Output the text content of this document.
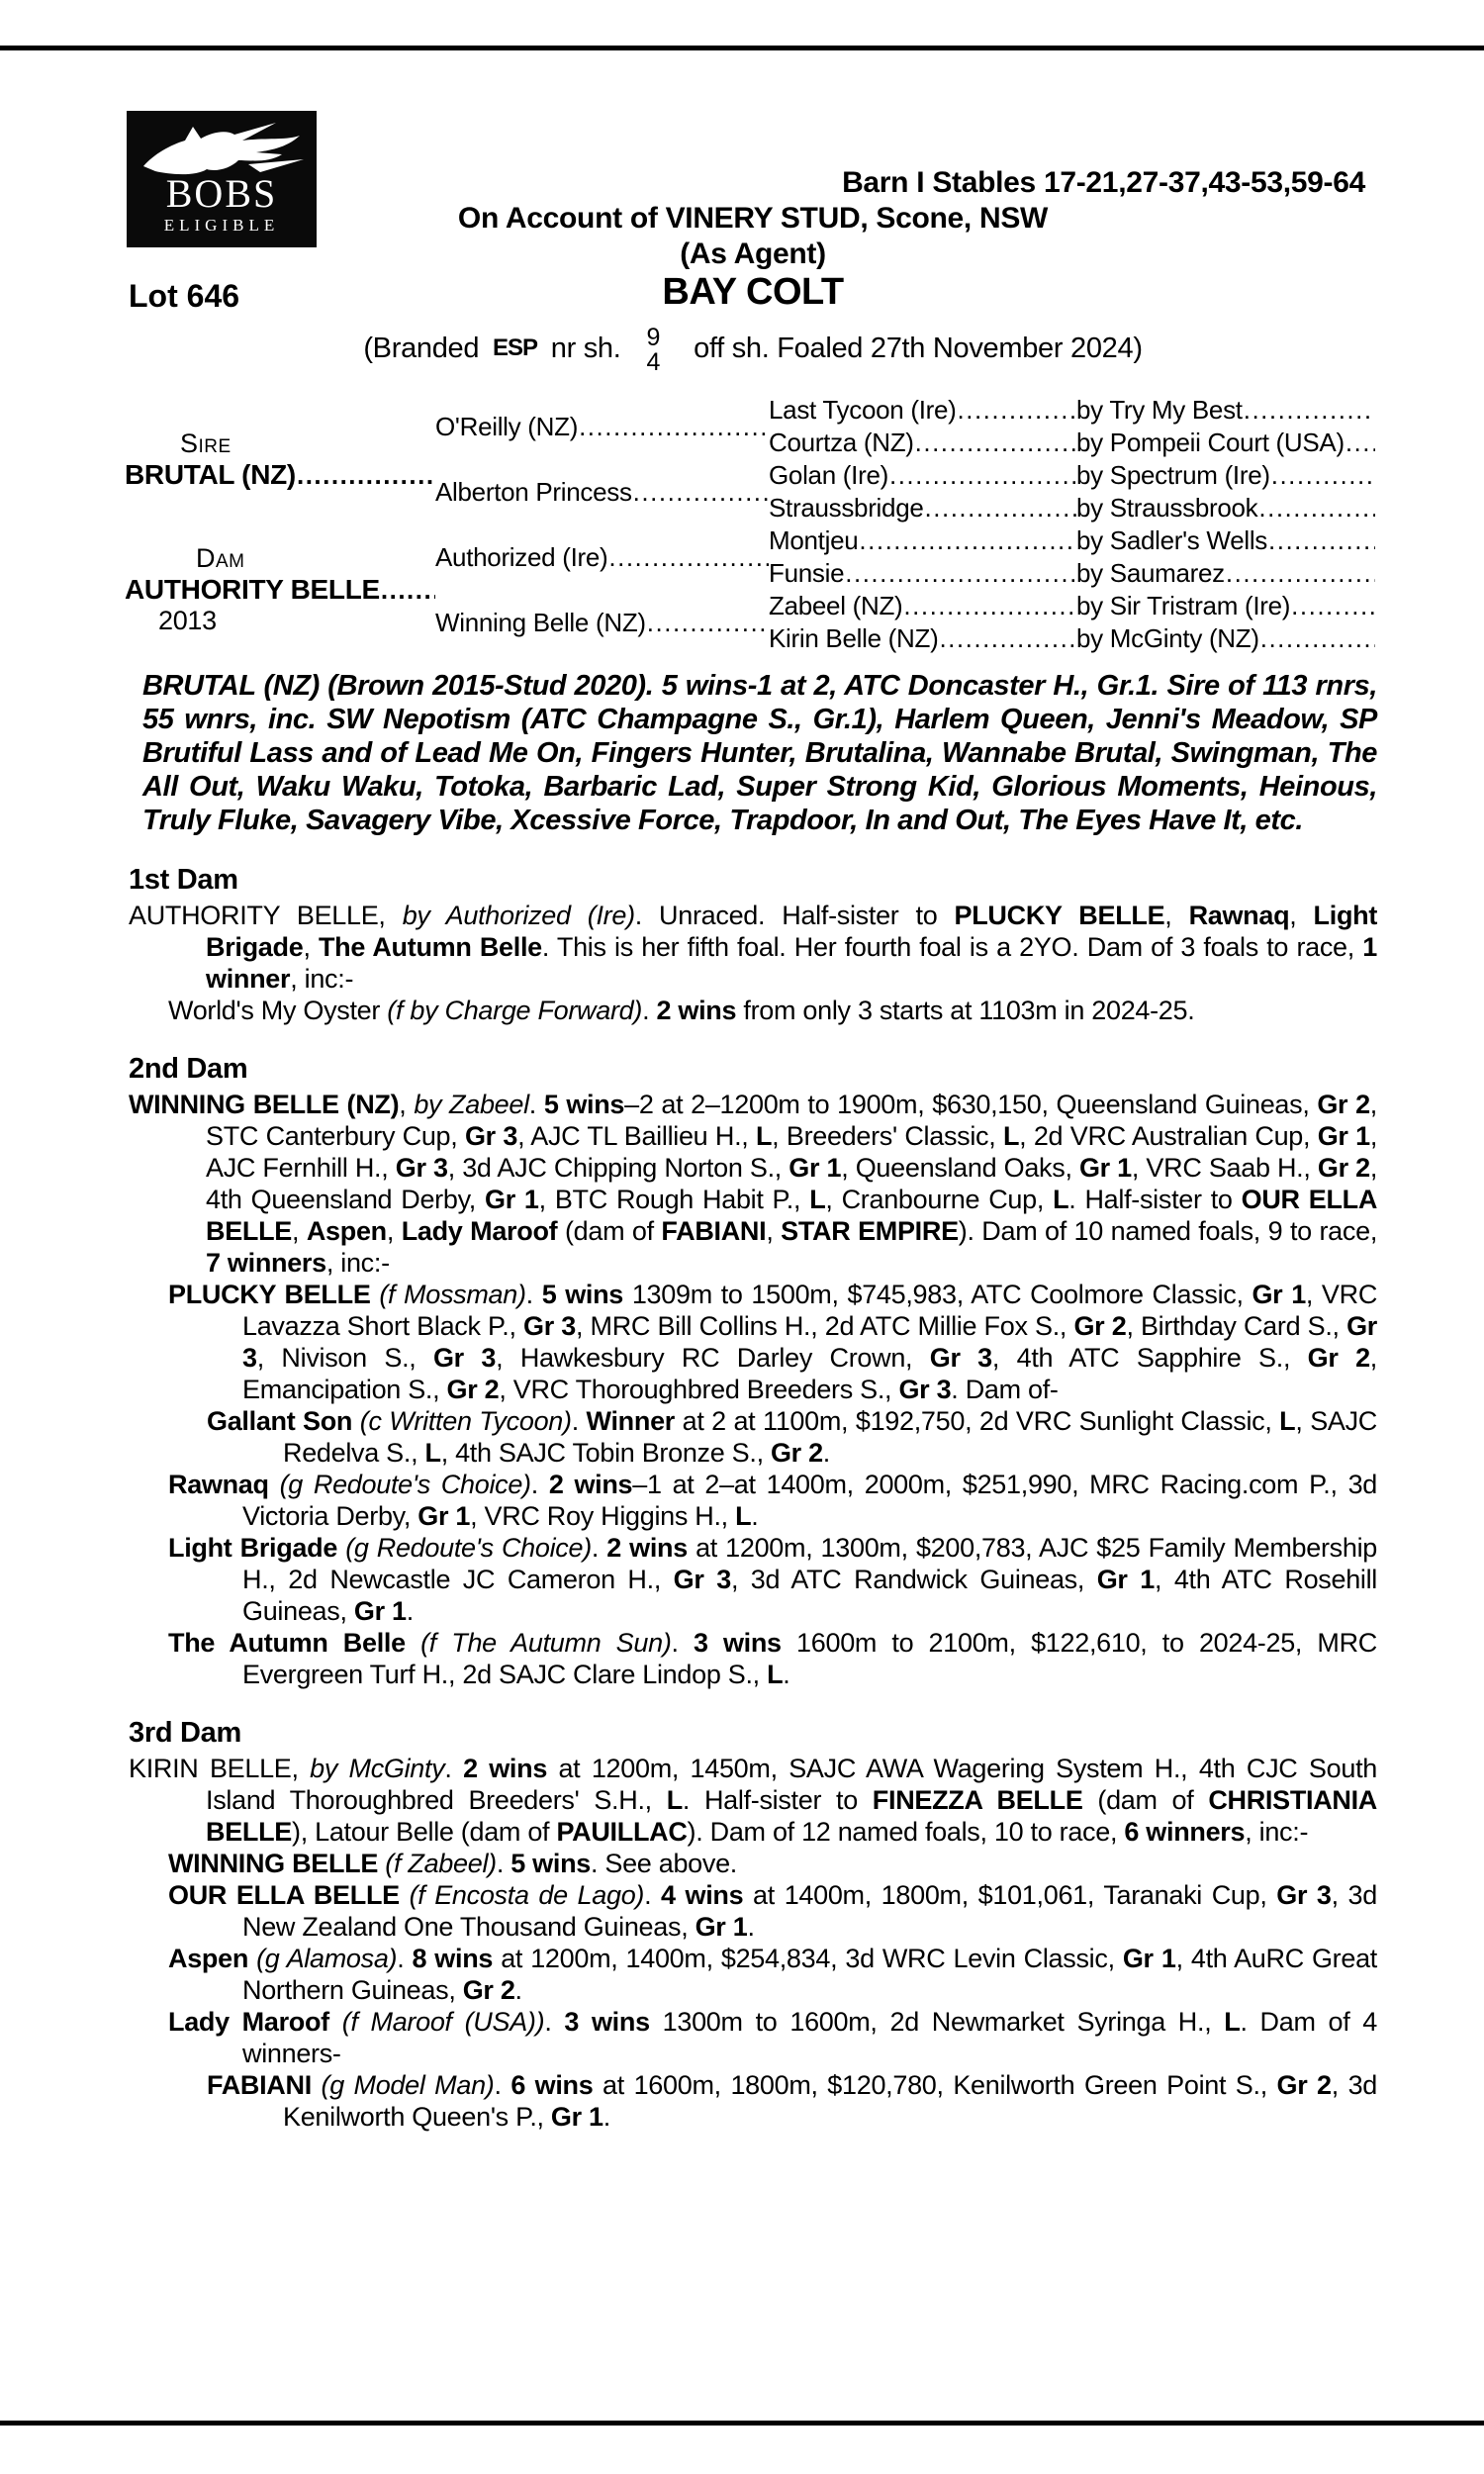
BOBS
ELIGIBLE
Barn I Stables 17-21,27-37,43-53,59-64
On Account of VINERY STUD, Scone, NSW
(As Agent)
Lot 646	BAY COLT
(Branded ESP nr sh. 9
4 off sh. Foaled 27th November 2024)
Sire
BRUTAL (NZ)
.....
Dam
AUTHORITY BELLE
.....
2013
O'Reilly (NZ)
.....
Alberton Princess
.....
Authorized (Ire)
.....
Winning Belle (NZ)
.....
Last Tycoon (Ire)
.....
Courtza (NZ)
.....
Golan (Ire)
.....
Straussbridge
.....
Montjeu
.....
Funsie
.....
Zabeel (NZ)
.....
Kirin Belle (NZ)
.....
by Try My Best
.....
by Pompeii Court (USA)
.....
by Spectrum (Ire)
.....
by Straussbrook
.....
by Sadler's Wells
.....
by Saumarez
.....
by Sir Tristram (Ire)
.....
by McGinty (NZ)
.....
BRUTAL (NZ) (Brown 2015-Stud 2020). 5 wins-1 at 2, ATC Doncaster H., Gr.1. Sire of 113 rnrs, 55 wnrs, inc. SW Nepotism (ATC Champagne S., Gr.1), Harlem Queen, Jenni's Meadow, SP Brutiful Lass and of Lead Me On, Fingers Hunter, Brutalina, Wannabe Brutal, Swingman, The All Out, Waku Waku, Totoka, Barbaric Lad, Super Strong Kid, Glorious Moments, Heinous, Truly Fluke, Savagery Vibe, Xcessive Force, Trapdoor, In and Out, The Eyes Have It, etc.
1st Dam
AUTHORITY BELLE, by Authorized (Ire). Unraced. Half-sister to PLUCKY BELLE, Rawnaq, Light Brigade, The Autumn Belle. This is her fifth foal. Her fourth foal is a 2YO. Dam of 3 foals to race, 1 winner, inc:-
World's My Oyster (f by Charge Forward). 2 wins from only 3 starts at 1103m in 2024-25.
2nd Dam
WINNING BELLE (NZ), by Zabeel. 5 wins–2 at 2–1200m to 1900m, $630,150, Queensland Guineas, Gr 2, STC Canterbury Cup, Gr 3, AJC TL Baillieu H., L, Breeders' Classic, L, 2d VRC Australian Cup, Gr 1, AJC Fernhill H., Gr 3, 3d AJC Chipping Norton S., Gr 1, Queensland Oaks, Gr 1, VRC Saab H., Gr 2, 4th Queensland Derby, Gr 1, BTC Rough Habit P., L, Cranbourne Cup, L. Half-sister to OUR ELLA BELLE, Aspen, Lady Maroof (dam of FABIANI, STAR EMPIRE). Dam of 10 named foals, 9 to race, 7 winners, inc:-
PLUCKY BELLE (f Mossman). 5 wins 1309m to 1500m, $745,983, ATC Coolmore Classic, Gr 1, VRC Lavazza Short Black P., Gr 3, MRC Bill Collins H., 2d ATC Millie Fox S., Gr 2, Birthday Card S., Gr 3, Nivison S., Gr 3, Hawkesbury RC Darley Crown, Gr 3, 4th ATC Sapphire S., Gr 2, Emancipation S., Gr 2, VRC Thoroughbred Breeders S., Gr 3. Dam of-
Gallant Son (c Written Tycoon). Winner at 2 at 1100m, $192,750, 2d VRC Sunlight Classic, L, SAJC Redelva S., L, 4th SAJC Tobin Bronze S., Gr 2.
Rawnaq (g Redoute's Choice). 2 wins–1 at 2–at 1400m, 2000m, $251,990, MRC Racing.com P., 3d Victoria Derby, Gr 1, VRC Roy Higgins H., L.
Light Brigade (g Redoute's Choice). 2 wins at 1200m, 1300m, $200,783, AJC $25 Family Membership H., 2d Newcastle JC Cameron H., Gr 3, 3d ATC Randwick Guineas, Gr 1, 4th ATC Rosehill Guineas, Gr 1.
The Autumn Belle (f The Autumn Sun). 3 wins 1600m to 2100m, $122,610, to 2024-25, MRC Evergreen Turf H., 2d SAJC Clare Lindop S., L.
3rd Dam
KIRIN BELLE, by McGinty. 2 wins at 1200m, 1450m, SAJC AWA Wagering System H., 4th CJC South Island Thoroughbred Breeders' S.H., L. Half-sister to FINEZZA BELLE (dam of CHRISTIANIA BELLE), Latour Belle (dam of PAUILLAC). Dam of 12 named foals, 10 to race, 6 winners, inc:-
WINNING BELLE (f Zabeel). 5 wins. See above.
OUR ELLA BELLE (f Encosta de Lago). 4 wins at 1400m, 1800m, $101,061, Taranaki Cup, Gr 3, 3d New Zealand One Thousand Guineas, Gr 1.
Aspen (g Alamosa). 8 wins at 1200m, 1400m, $254,834, 3d WRC Levin Classic, Gr 1, 4th AuRC Great Northern Guineas, Gr 2.
Lady Maroof (f Maroof (USA)). 3 wins 1300m to 1600m, 2d Newmarket Syringa H., L. Dam of 4 winners-
FABIANI (g Model Man). 6 wins at 1600m, 1800m, $120,780, Kenilworth Green Point S., Gr 2, 3d Kenilworth Queen's P., Gr 1.
